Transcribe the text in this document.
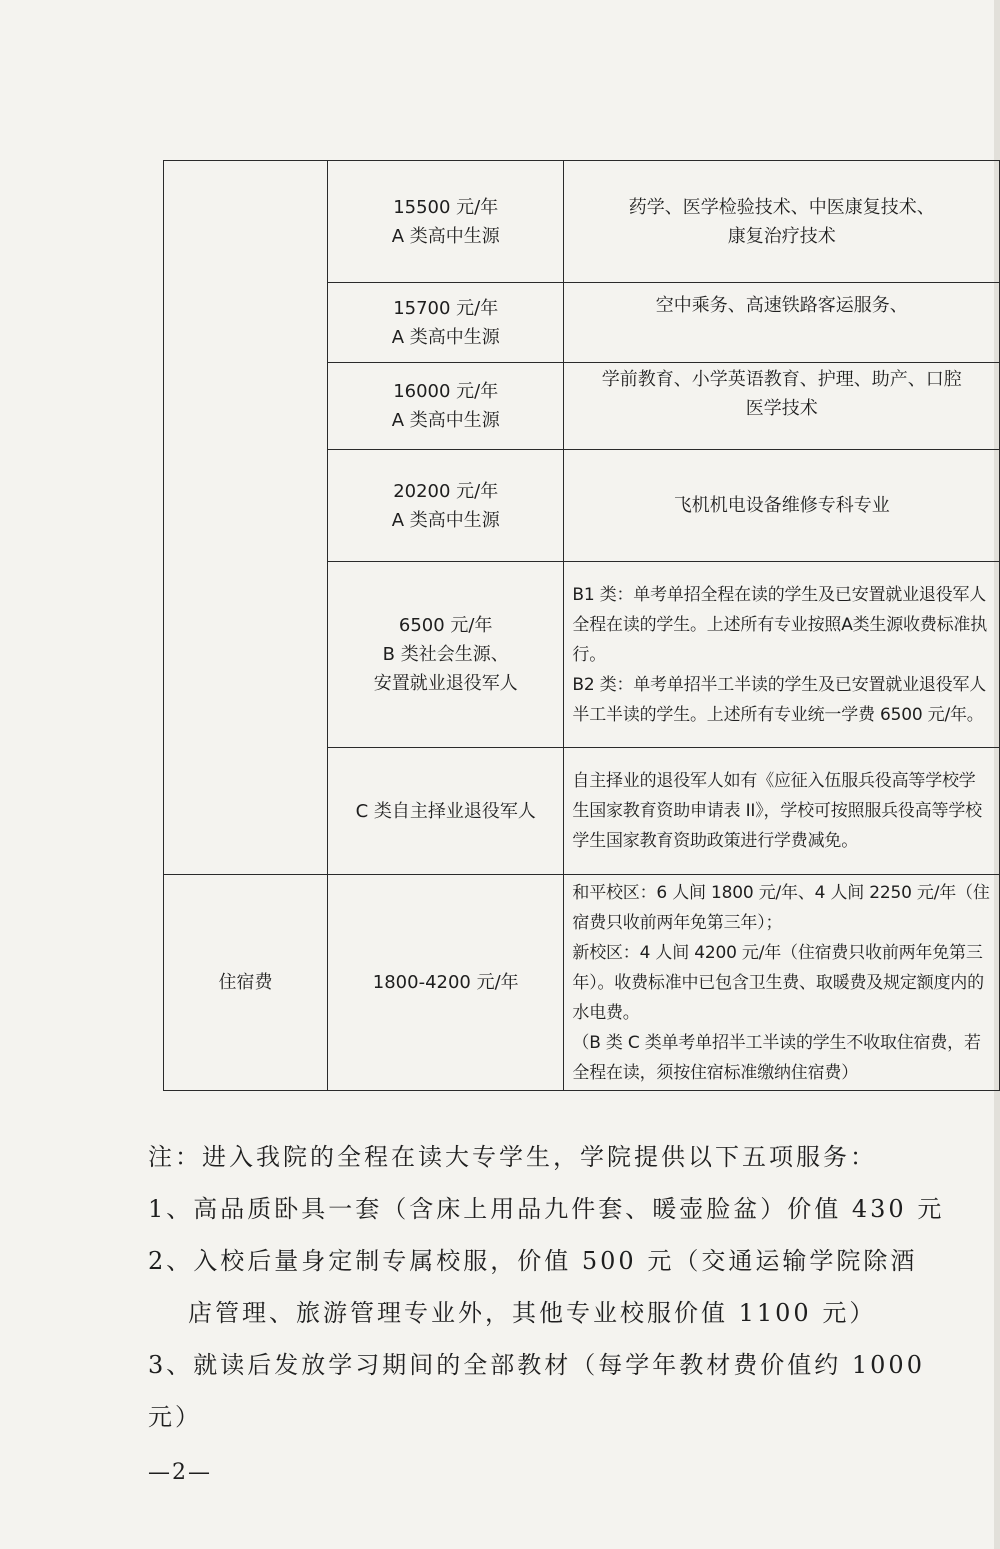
	15500 元/年
A 类高中生源	药学、医学检验技术、中医康复技术、
康复治疗技术

	15700 元/年
A 类高中生源	空中乘务、高速铁路客运服务、

	16000 元/年
A 类高中生源	学前教育、小学英语教育、护理、助产、口腔
医学技术

	20200 元/年
A 类高中生源	飞机机电设备维修专科专业

	6500 元/年
B 类社会生源、
安置就业退役军人	B1 类：单考单招全程在读的学生及已安置就业退役军人全程在读的学生。上述所有专业按照A类生源收费标准执行。
B2 类：单考单招半工半读的学生及已安置就业退役军人半工半读的学生。上述所有专业统一学费 6500 元/年。

	C 类自主择业退役军人	自主择业的退役军人如有《应征入伍服兵役高等学校学生国家教育资助申请表 II》，学校可按照服兵役高等学校学生国家教育资助政策进行学费减免。

住宿费	1800-4200 元/年	和平校区：6 人间 1800 元/年、4 人间 2250 元/年（住宿费只收前两年免第三年）；
新校区：4 人间 4200 元/年（住宿费只收前两年免第三年）。收费标准中已包含卫生费、取暖费及规定额度内的水电费。
（B 类 C 类单考单招半工半读的学生不收取住宿费，若全程在读，须按住宿标准缴纳住宿费）

注：进入我院的全程在读大专学生，学院提供以下五项服务：

1、高品质卧具一套（含床上用品九件套、暖壶脸盆）价值 430 元

2、入校后量身定制专属校服，价值 500 元（交通运输学院除酒

店管理、旅游管理专业外，其他专业校服价值 1100 元）

3、就读后发放学习期间的全部教材（每学年教材费价值约 1000

元）

—2—
